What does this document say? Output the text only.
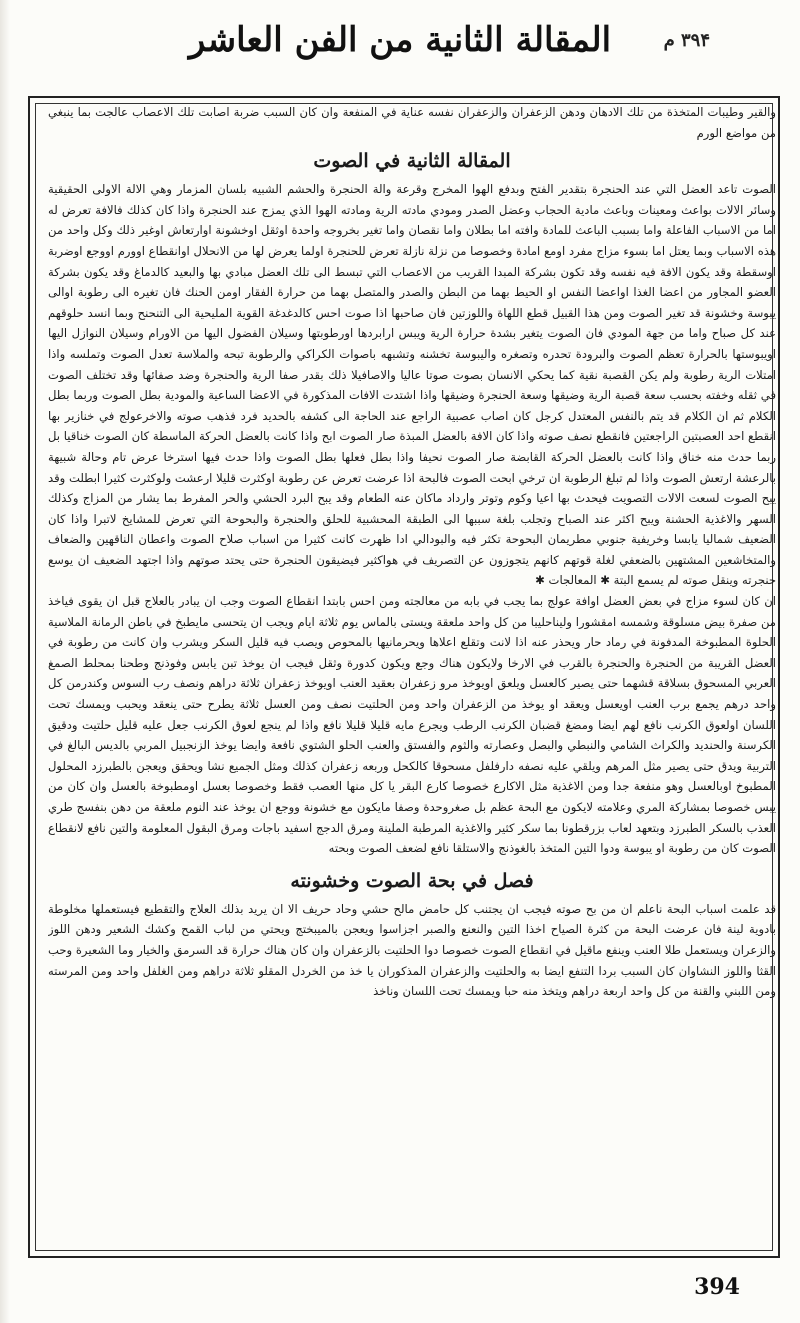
۳۹۴ م
المقالة الثانية من الفن العاشر

والقير وطيبات المتخذة من تلك الادهان ودهن الزعفران والزعفران نفسه عناية في المنفعة وان كان السبب ضربة اصابت تلك الاعصاب عالجت بما ينبغي من مواضع الورم

المقالة الثانية في الصوت

الصوت تاعد العضل التي عند الحنجرة بتقدير الفتح وبدفع الهوا المخرج وقرعة والة الحنجرة والحشم الشبيه بلسان المزمار وهي الالة الاولى الحقيقية وسائر الالات بواعث ومعينات وباعث مادية الحجاب وعضل الصدر ومودي مادته الرية ومادته الهوا الذي يمزج عند الحنجرة واذا كان كذلك فالافة تعرض له اما من الاسباب الفاعلة واما بسبب الباعث للمادة وافته اما بطلان واما نقصان واما تغير بخروجه واحدة اوثقل اوخشونة اوارتعاش اوغير ذلك وكل واحد من هذه الاسباب وبما يعتل اما بسوء مزاج مفرد اومع امادة وخصوصا من نزلة نازلة تعرض للحنجرة اولما يعرض لها من الانحلال اوانقطاع اوورم اووجع اوضربة اوسقطة وقد يكون الافة فيه نفسه وقد تكون بشركة المبدا القريب من الاعصاب التي تبسط الى تلك العضل مبادي بها والبعيد كالدماغ وقد يكون بشركة العضو المجاور من اعضا الغذا اواعضا النفس او الحيط بهما من البطن والصدر والمتصل بهما من حرارة الفقار اومن الحنك فان تغيره الى رطوبة اوالى يبوسة وخشونة قد تغير الصوت ومن هذا القبيل قطع اللهاة واللوزتين فان صاحبها اذا صوت احس كالدغدغة القوية المليحية الى التنحنح وبما انسد حلوقهم عند كل صباح واما من جهة المودي فان الصوت يتغير بشدة حرارة الرية ويبس ارابردها اورطوبتها وسيلان الفضول اليها من الاورام وسيلان النوازل اليها اويبوستها بالحرارة تعظم الصوت والبرودة تحدره وتصغره واليبوسة تخشنه وتشبهه باصوات الكراكي والرطوبة تبحه والملاسة تعدل الصوت وتملسه واذا امتلات الرية رطوبة ولم يكن القصبة نقية كما يحكي الانسان بصوت صوتا عاليا والاصافيلا ذلك بقدر صفا الرية والحنجرة وضد صفائها وقد تختلف الصوت في ثقله وخفته بحسب سعة قصبة الرية وضيقها وسعة الحنجرة وضيقها واذا اشتدت الافات المذكورة في الاعضا الساعية والمودية بطل الصوت وربما بطل الكلام ثم ان الكلام قد يتم بالنفس المعتدل كرجل كان اصاب عصبية الراجع عند الحاجة الى كشفه بالحديد فرد فذهب صوته والاخرعولج في خنازير بها انقطع احد العصبتين الراجعتين فانقطع نصف صوته واذا كان الافة بالعضل المبذة صار الصوت ابح واذا كانت بالعضل الحركة الماسطة كان الصوت خناقيا بل ربما حدث منه خناق واذا كانت بالعضل الحركة القابضة صار الصوت نحيفا واذا بطل فعلها بطل الصوت واذا حدث فيها استرخا عرض تام وحالة شبيهة بالرعشة ارتعش الصوت واذا لم تبلغ الرطوبة ان ترخي ابحت الصوت فالبحة اذا عرضت تعرض عن رطوبة اوكثرت قليلا ارعشت ولوكثرت كثيرا ابطلت وقد يبح الصوت لسعت الالات التصويت فيحدث بها اعيا وكوم وتوتر وارداد ماكان عنه الطعام وقد يبح البرد الحشي والحر المفرط بما يشار من المزاج وكذلك السهر والاغذية الحشنة ويبح اكثر عند الصباح وتجلب بلغة سببها الى الطبقة المحشبية للحلق والحنجرة والبحوحة التي تعرض للمشايخ لاتبرا واذا كان الضعيف شماليا يابسا وخريفية جنوبي مطريمان البحوحة تكثر فيه والبودالي ادا ظهرت كانت كثيرا من اسباب صلاح الصوت واعطان الناقهين والضعاف والمتخاشعين المشتهين بالضعفي لغلة قوتهم كانهم يتجوزون عن التصريف في هواكثير فيضيقون الحنجرة حتى يحتد صوتهم واذا اجتهد الضعيف ان يوسع حنجرته وينقل صوته لم يسمع البتة ✱ المعالجات ✱

ان كان لسوء مزاج في بعض العضل اوافة عولج بما يجب في بابه من معالجته ومن احس بابتدا انقطاع الصوت وجب ان يبادر بالعلاج قبل ان يقوى فياخذ من صفرة بيض مسلوقة وشمسه امقشورا وليناحليبا من كل واحد ملعقة ويستى بالماس يوم ثلاثة ايام ويجب ان يتحسى مايطبخ في باطن الرمانة الملاسية الحلوة المطبوخة المدفونة في رماد حار ويحذر عنه اذا لانت وتقلع اعلاها ويحرمانيها بالمحوص ويصب فيه قليل السكر ويشرب وان كانت من رطوبة في العضل القريبة من الحنجرة والحنجرة بالقرب في الارخا ولايكون هناك وجع ويكون كدورة وثقل فيجب ان يوخذ تبن يابس وفوذنج وطحنا بمحلط الصمغ العربي المسحوق بسلاقة قشهما حتى يصير كالعسل ويلعق اويوخذ مرو زعفران بعقيد العنب اويوخذ زعفران ثلاثة دراهم ونصف رب السوس وكندرمن كل واحد درهم يجمع برب العنب اويعسل ويعقد او يوخذ من الزعفران واحد ومن الحلتيت نصف ومن العسل ثلاثة يطرح حتى ينعقد ويحبب ويمسك تحت اللسان اولعوق الكرنب نافع لهم ايضا ومضغ قضبان الكرنب الرطب ويجرع مايه قليلا قليلا نافع واذا لم ينجع لعوق الكرنب جعل عليه قليل حلتيت ودقيق الكرسنة والحنديد والكراث الشامي والنبطي والبصل وعصارته والثوم والفستق والعنب الحلو الشتوي نافعة وايضا يوخذ الزنجبيل المربي بالديس البالغ في التربية ويدق حتى يصير مثل المرهم ويلقي عليه نصفه دارفلفل مسحوقا كالكحل وربعه زعفران كذلك ومثل الجميع نشا ويحقق ويعجن بالطبرزد المحلول المطبوخ اوبالعسل وهو منفعة جدا ومن الاغذية مثل الاكارع خصوصا كارع البقر يا كل منها العصب فقط وخصوصا بعسل اومطبوخة بالعسل وان كان من يبس خصوصا بمشاركة المري وعلامته لايكون مع البحة عظم بل صغروحدة وصفا مايكون مع خشونة ووجع ان يوخذ عند النوم ملعقة من دهن بنفسج طري العذب بالسكر الطبرزد وبتعهد لعاب بزرقطونا بما سكر كثير والاغذية المرطبة الملينة ومرق الدجج اسفيد باجات ومرق البقول المعلومة والتين نافع لانقطاع الصوت كان من رطوبة او يبوسة ودوا التين المتخذ بالغوذنج والاستلقا نافع لضعف الصوت وبحته

فصل في بحة الصوت وخشونته

قد علمت اسباب البحة ناعلم ان من بح صوته فيجب ان يجتنب كل حامض مالح حشي وحاد حريف الا ان يريد بذلك العلاج والتقطيع فيستعملها مخلوطة بادوية لينة فان عرضت البحة من كثرة الصياح اخذا التين والنعنع والصبر اجزاسوا ويعجن بالميبختج ويحتي من لباب القمح وكشك الشعير ودهن اللوز والزعران ويستعمل طلا العنب وينفع ماقيل في انقطاع الصوت خصوصا دوا الحلتيت بالزعفران وان كان هناك حرارة قد السرمق والخيار وما الشعيرة وحب القثا واللوز النشاوان كان السبب بردا التنفع ايضا به والحلتيت والزعفران المذكوران يا خذ من الخردل المقلو ثلاثة دراهم ومن الغلفل واحد ومن المرسته ومن اللبني والقنة من كل واحد اربعة دراهم ويتخذ منه حبا ويمسك تحت اللسان وناخذ

394
